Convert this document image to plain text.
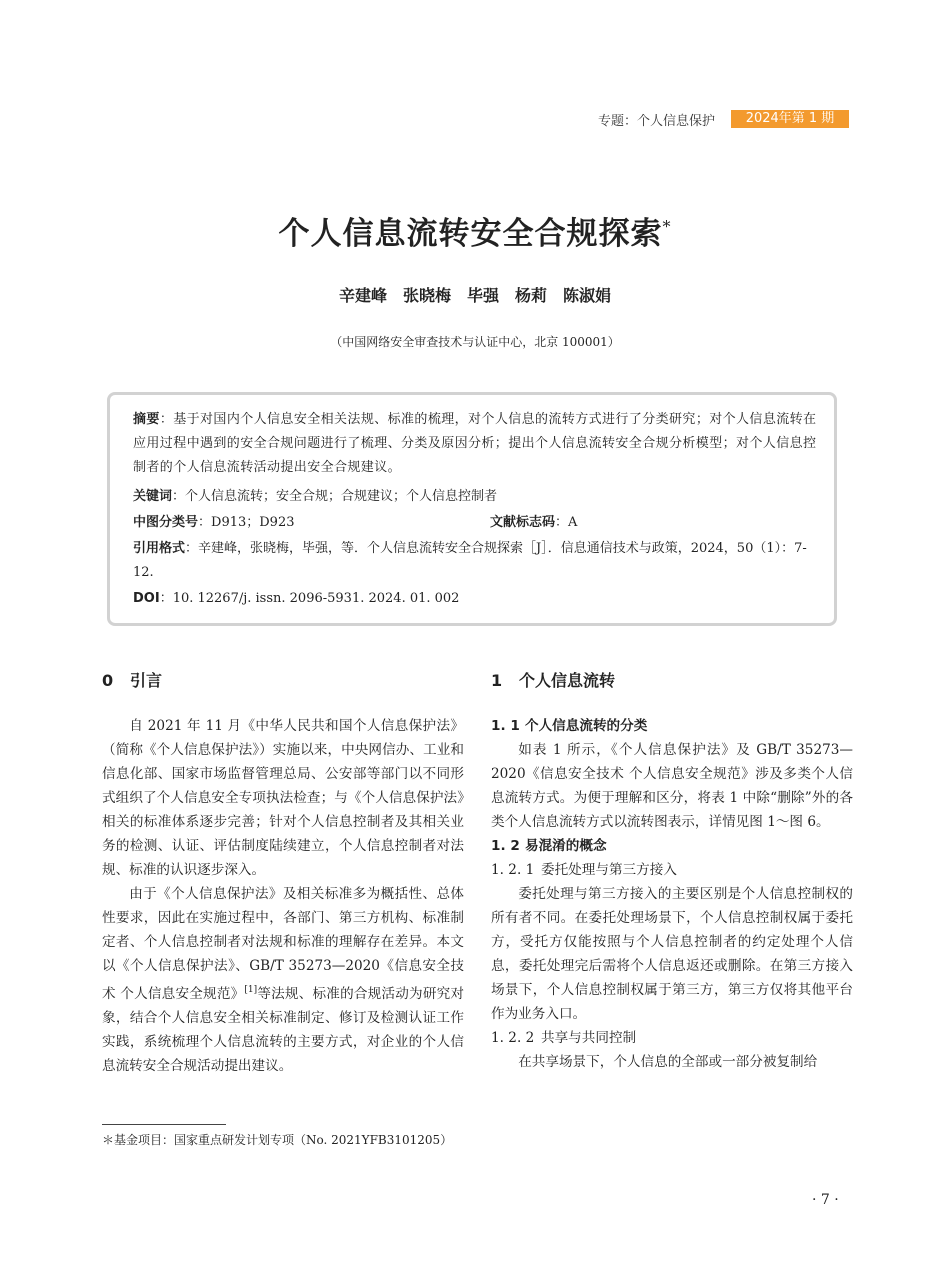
专题：个人信息保护	2024年第 1 期
个人信息流转安全合规探索*
辛建峰　张晓梅　毕强　杨莉　陈淑娟
（中国网络安全审查技术与认证中心，北京 100001）
摘要：基于对国内个人信息安全相关法规、标准的梳理，对个人信息的流转方式进行了分类研究；对个人信息流转在应用过程中遇到的安全合规问题进行了梳理、分类及原因分析；提出个人信息流转安全合规分析模型；对个人信息控制者的个人信息流转活动提出安全合规建议。
关键词：个人信息流转；安全合规；合规建议；个人信息控制者
中图分类号：D913；D923	文献标志码：A
引用格式：辛建峰，张晓梅，毕强，等．个人信息流转安全合规探索［J］．信息通信技术与政策，2024，50（1）：7-12.
DOI：10. 12267/j. issn. 2096-5931. 2024. 01. 002
0 引言

自 2021 年 11 月《中华人民共和国个人信息保护法》（简称《个人信息保护法》）实施以来，中央网信办、工业和信息化部、国家市场监督管理总局、公安部等部门以不同形式组织了个人信息安全专项执法检查；与《个人信息保护法》相关的标准体系逐步完善；针对个人信息控制者及其相关业务的检测、认证、评估制度陆续建立，个人信息控制者对法规、标准的认识逐步深入。

由于《个人信息保护法》及相关标准多为概括性、总体性要求，因此在实施过程中，各部门、第三方机构、标准制定者、个人信息控制者对法规和标准的理解存在差异。本文以《个人信息保护法》、GB/T 35273—2020《信息安全技术 个人信息安全规范》[1]等法规、标准的合规活动为研究对象，结合个人信息安全相关标准制定、修订及检测认证工作实践，系统梳理个人信息流转的主要方式，对企业的个人信息流转安全合规活动提出建议。

1 个人信息流转

1. 1 个人信息流转的分类

如表 1 所示，《个人信息保护法》及 GB/T 35273—2020《信息安全技术 个人信息安全规范》涉及多类个人信息流转方式。为便于理解和区分，将表 1 中除“删除”外的各类个人信息流转方式以流转图表示，详情见图 1～图 6。

1. 2 易混淆的概念

1. 2. 1 委托处理与第三方接入

委托处理与第三方接入的主要区别是个人信息控制权的所有者不同。在委托处理场景下，个人信息控制权属于委托方，受托方仅能按照与个人信息控制者的约定处理个人信息，委托处理完后需将个人信息返还或删除。在第三方接入场景下，个人信息控制权属于第三方，第三方仅将其他平台作为业务入口。

1. 2. 2 共享与共同控制

在共享场景下，个人信息的全部或一部分被复制给

＊基金项目：国家重点研发计划专项（No. 2021YFB3101205）
· 7 ·
